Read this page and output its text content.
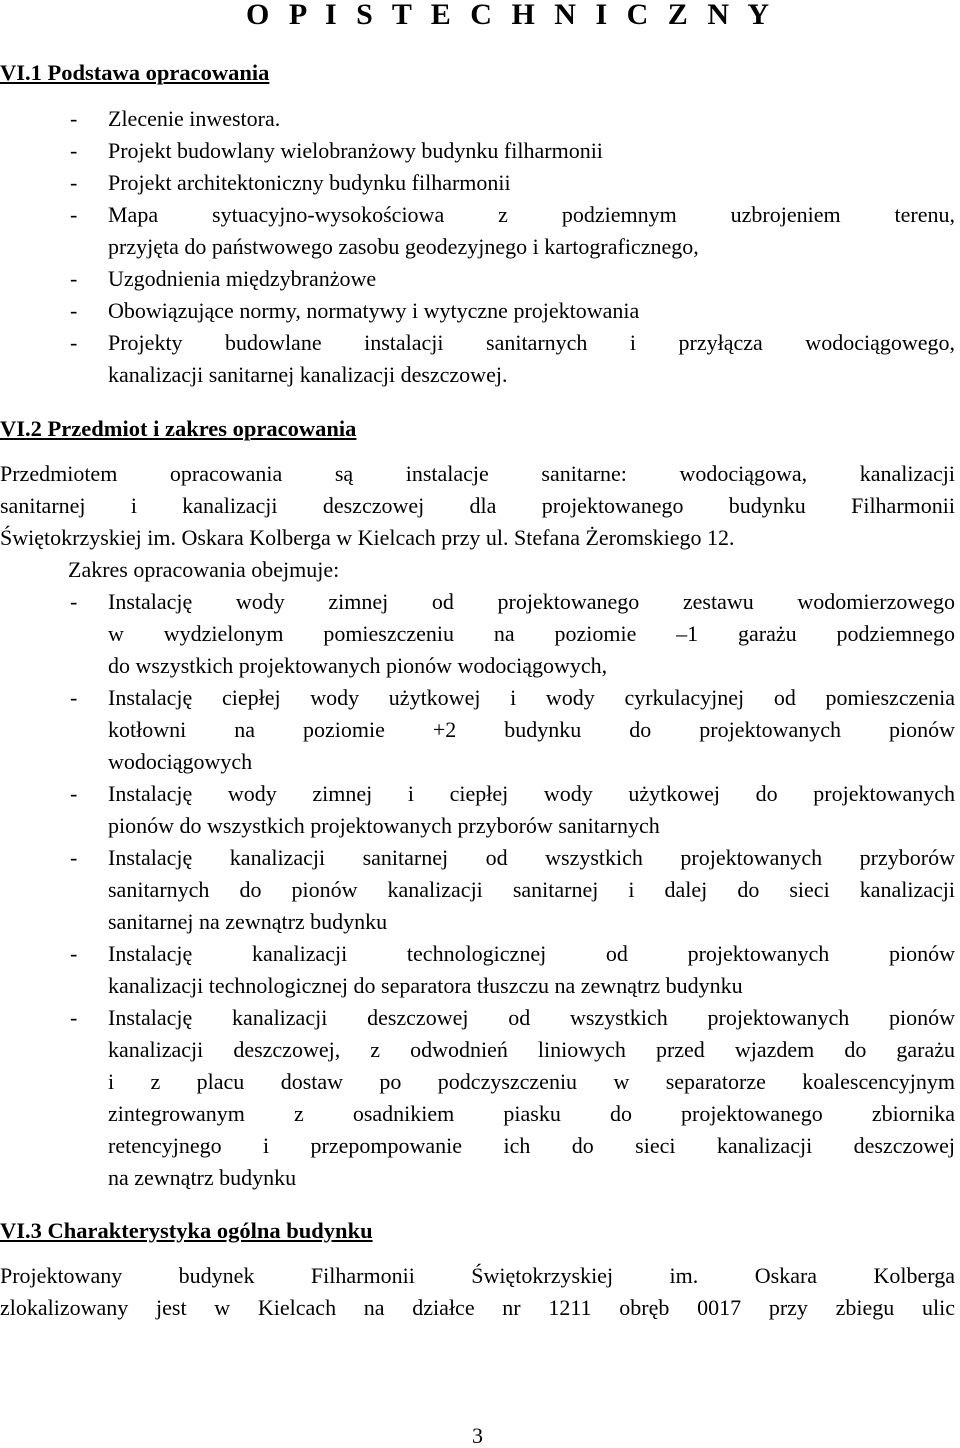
O P I S T E C H N I C Z N Y
VI.1 Podstawa opracowania
- Zlecenie inwestora.
- Projekt budowlany wielobranżowy budynku filharmonii
- Projekt architektoniczny budynku filharmonii
- Mapa sytuacyjno-wysokościowa z podziemnym uzbrojeniem terenu,
przyjęta do państwowego zasobu geodezyjnego i kartograficznego,
- Uzgodnienia międzybranżowe
- Obowiązujące normy, normatywy i wytyczne projektowania
- Projekty budowlane instalacji sanitarnych i przyłącza wodociągowego,
kanalizacji sanitarnej kanalizacji deszczowej.
VI.2 Przedmiot i zakres opracowania
Przedmiotem opracowania są instalacje sanitarne: wodociągowa, kanalizacji
sanitarnej i kanalizacji deszczowej dla projektowanego budynku Filharmonii
Świętokrzyskiej im. Oskara Kolberga w Kielcach przy ul. Stefana Żeromskiego 12.
Zakres opracowania obejmuje:
- Instalację wody zimnej od projektowanego zestawu wodomierzowego
w wydzielonym pomieszczeniu na poziomie –1 garażu podziemnego
do wszystkich projektowanych pionów wodociągowych,
- Instalację ciepłej wody użytkowej i wody cyrkulacyjnej od pomieszczenia
kotłowni na poziomie +2 budynku do projektowanych pionów
wodociągowych
- Instalację wody zimnej i ciepłej wody użytkowej do projektowanych
pionów do wszystkich projektowanych przyborów sanitarnych
- Instalację kanalizacji sanitarnej od wszystkich projektowanych przyborów
sanitarnych do pionów kanalizacji sanitarnej i dalej do sieci kanalizacji
sanitarnej na zewnątrz budynku
- Instalację kanalizacji technologicznej od projektowanych pionów
kanalizacji technologicznej do separatora tłuszczu na zewnątrz budynku
- Instalację kanalizacji deszczowej od wszystkich projektowanych pionów
kanalizacji deszczowej, z odwodnień liniowych przed wjazdem do garażu
i z placu dostaw po podczyszczeniu w separatorze koalescencyjnym
zintegrowanym z osadnikiem piasku do projektowanego zbiornika
retencyjnego i przepompowanie ich do sieci kanalizacji deszczowej
na zewnątrz budynku
VI.3 Charakterystyka ogólna budynku
Projektowany budynek Filharmonii Świętokrzyskiej im. Oskara Kolberga
zlokalizowany jest w Kielcach na działce nr 1211 obręb 0017 przy zbiegu ulic
3
